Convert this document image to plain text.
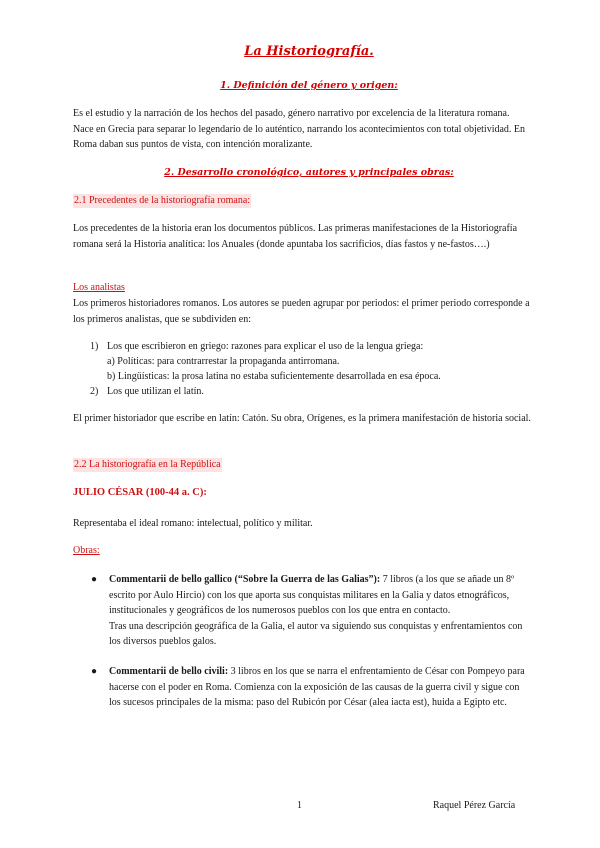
La Historiografía.
1. Definición del género y origen:
Es el estudio y la narración de los hechos del pasado, género narrativo por excelencia de la literatura romana. Nace en Grecia para separar lo legendario de lo auténtico, narrando los acontecimientos con total objetividad. En Roma daban sus puntos de vista, con intención moralizante.
2. Desarrollo cronológico, autores y principales obras:
2.1 Precedentes de la historiografía romana:
Los precedentes de la historia eran los documentos públicos. Las primeras manifestaciones de la Historiografía romana será la Historia analítica: los Anuales (donde apuntaba los sacrificios, días fastos y ne-fastos….)
Los analistas
Los primeros historiadores romanos. Los autores se pueden agrupar por periodos: el primer periodo corresponde a los primeros analistas, que se subdividen en:
1) Los que escribieron en griego: razones para explicar el uso de la lengua griega:
a) Políticas: para contrarrestar la propaganda antirromana.
b) Lingüísticas: la prosa latina no estaba suficientemente desarrollada en esa época.
2) Los que utilizan el latín.
El primer historiador que escribe en latín: Catón. Su obra, Orígenes, es la primera manifestación de historia social.
2.2 La historiografía en la República
JULIO CÉSAR (100-44 a. C):
Representaba el ideal romano: intelectual, político y militar.
Obras:
● Commentarii de bello gallico (“Sobre la Guerra de las Galias”): 7 libros (a los que se añade un 8º escrito por Aulo Hircio) con los que aporta sus conquistas militares en la Galia y datos etnográficos, institucionales y geográficos de los numerosos pueblos con los que entra en contacto.
Tras una descripción geográfica de la Galia, el autor va siguiendo sus conquistas y enfrentamientos con los diversos pueblos galos.
● Commentarii de bello civili: 3 libros en los que se narra el enfrentamiento de César con Pompeyo para hacerse con el poder en Roma. Comienza con la exposición de las causas de la guerra civil y sigue con los sucesos principales de la misma: paso del Rubicón por César (alea iacta est), huida a Egipto etc.
1	Raquel Pérez García
